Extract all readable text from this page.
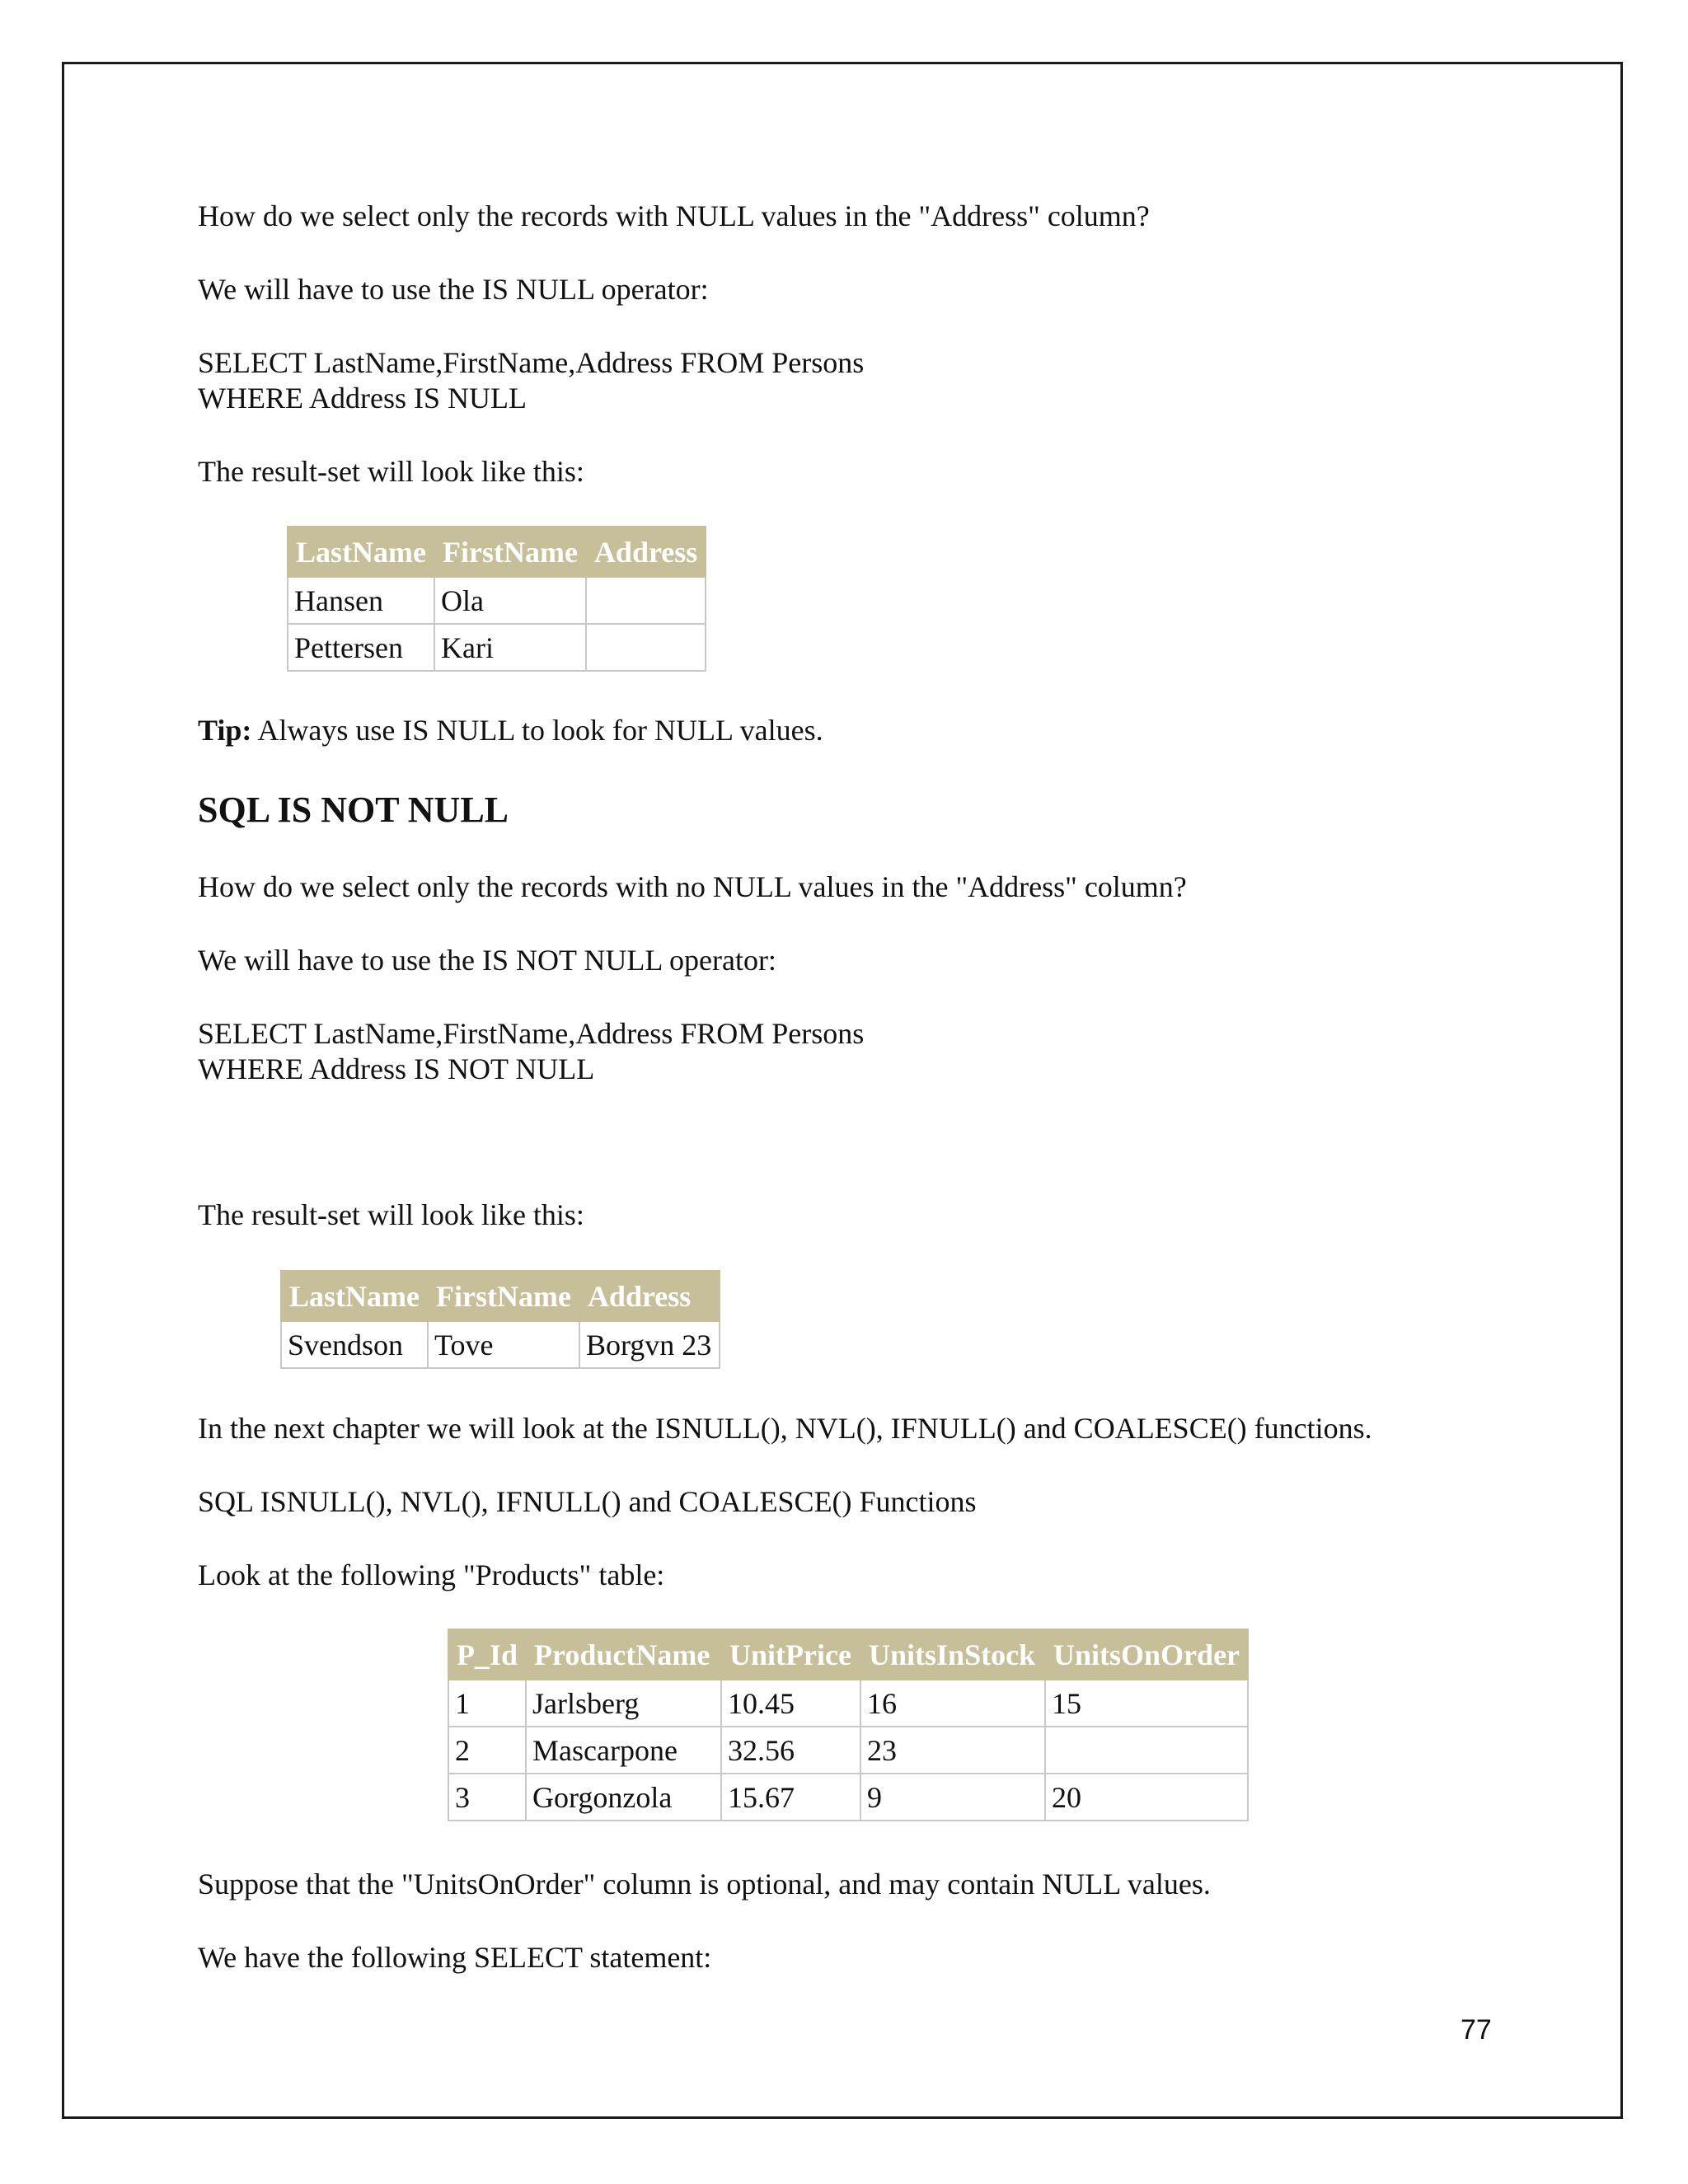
How do we select only the records with NULL values in the "Address" column?

We will have to use the IS NULL operator:

SELECT LastName,FirstName,Address FROM Persons

WHERE Address IS NULL

The result-set will look like this:

LastName	FirstName	Address
Hansen	Ola	
Pettersen	Kari	

Tip: Always use IS NULL to look for NULL values.

SQL IS NOT NULL

How do we select only the records with no NULL values in the "Address" column?

We will have to use the IS NOT NULL operator:

SELECT LastName,FirstName,Address FROM Persons

WHERE Address IS NOT NULL

The result-set will look like this:

LastName	FirstName	Address
Svendson	Tove	Borgvn 23

In the next chapter we will look at the ISNULL(), NVL(), IFNULL() and COALESCE() functions.

SQL ISNULL(), NVL(), IFNULL() and COALESCE() Functions

Look at the following "Products" table:

P_Id	ProductName	UnitPrice	UnitsInStock	UnitsOnOrder
1	Jarlsberg	10.45	16	15
2	Mascarpone	32.56	23	
3	Gorgonzola	15.67	9	20

Suppose that the "UnitsOnOrder" column is optional, and may contain NULL values.

We have the following SELECT statement:

77
